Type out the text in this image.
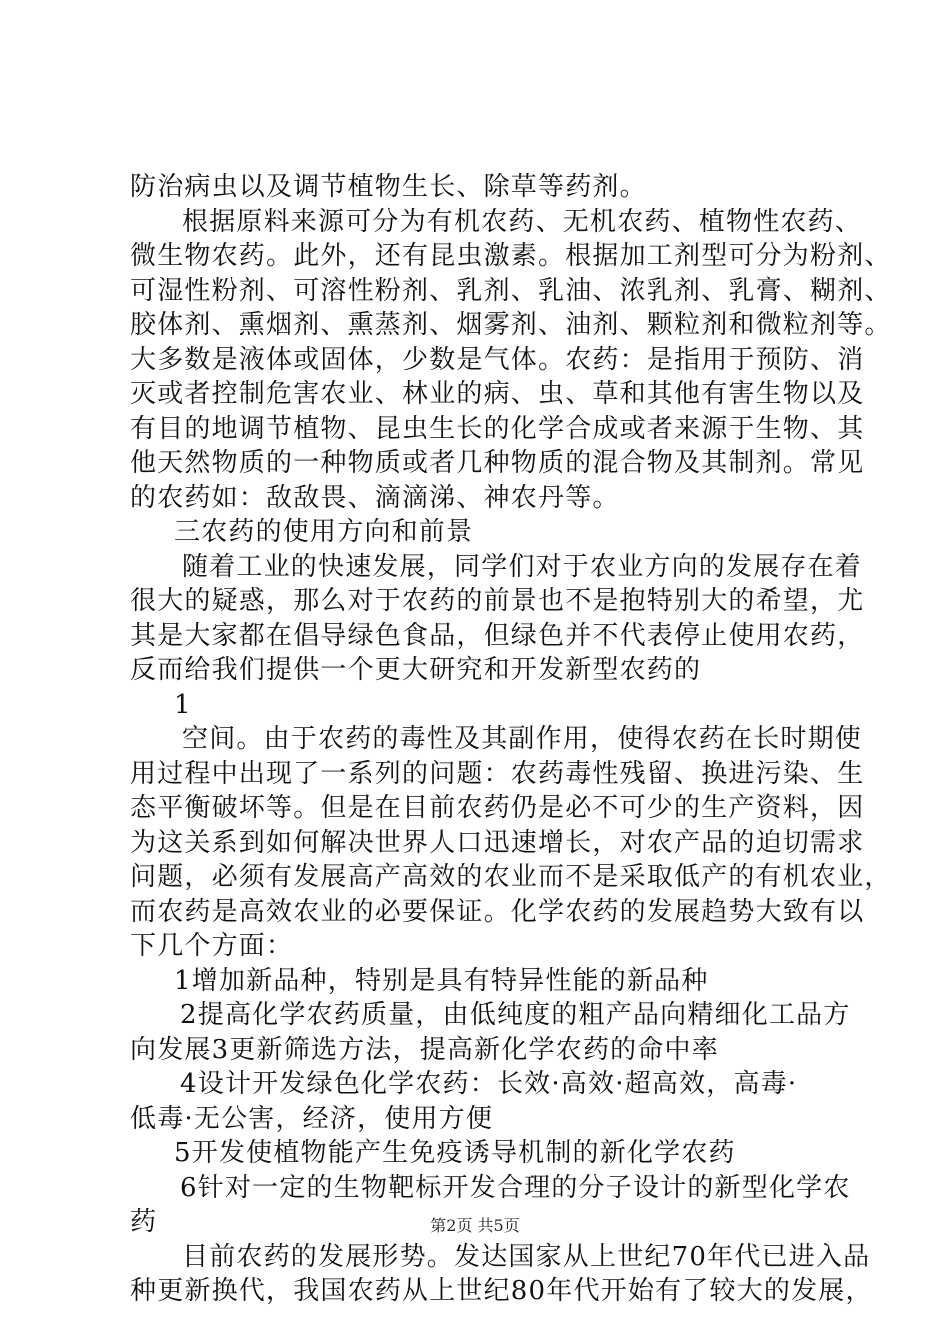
防治病虫以及调节植物生长、除草等药剂。
根据原料来源可分为有机农药、无机农药、植物性农药、
微生物农药。此外，还有昆虫激素。根据加工剂型可分为粉剂、
可湿性粉剂、可溶性粉剂、乳剂、乳油、浓乳剂、乳膏、糊剂、
胶体剂、熏烟剂、熏蒸剂、烟雾剂、油剂、颗粒剂和微粒剂等。
大多数是液体或固体，少数是气体。农药：是指用于预防、消
灭或者控制危害农业、林业的病、虫、草和其他有害生物以及
有目的地调节植物、昆虫生长的化学合成或者来源于生物、其
他天然物质的一种物质或者几种物质的混合物及其制剂。常见
的农药如：敌敌畏、滴滴涕、神农丹等。
三农药的使用方向和前景
随着工业的快速发展，同学们对于农业方向的发展存在着
很大的疑惑，那么对于农药的前景也不是抱特别大的希望，尤
其是大家都在倡导绿色食品，但绿色并不代表停止使用农药，
反而给我们提供一个更大研究和开发新型农药的
1
空间。由于农药的毒性及其副作用，使得农药在长时期使
用过程中出现了一系列的问题：农药毒性残留、换进污染、生
态平衡破坏等。但是在目前农药仍是必不可少的生产资料，因
为这关系到如何解决世界人口迅速增长，对农产品的迫切需求
问题，必须有发展高产高效的农业而不是采取低产的有机农业，
而农药是高效农业的必要保证。化学农药的发展趋势大致有以
下几个方面：
1增加新品种，特别是具有特异性能的新品种
2提高化学农药质量，由低纯度的粗产品向精细化工品方
向发展3更新筛选方法，提高新化学农药的命中率
4设计开发绿色化学农药：长效·高效·超高效，高毒·
低毒·无公害，经济，使用方便
5开发使植物能产生免疫诱导机制的新化学农药
6针对一定的生物靶标开发合理的分子设计的新型化学农
药
目前农药的发展形势。发达国家从上世纪70年代已进入品
种更新换代，我国农药从上世纪80年代开始有了较大的发展，
第2页 共5页
